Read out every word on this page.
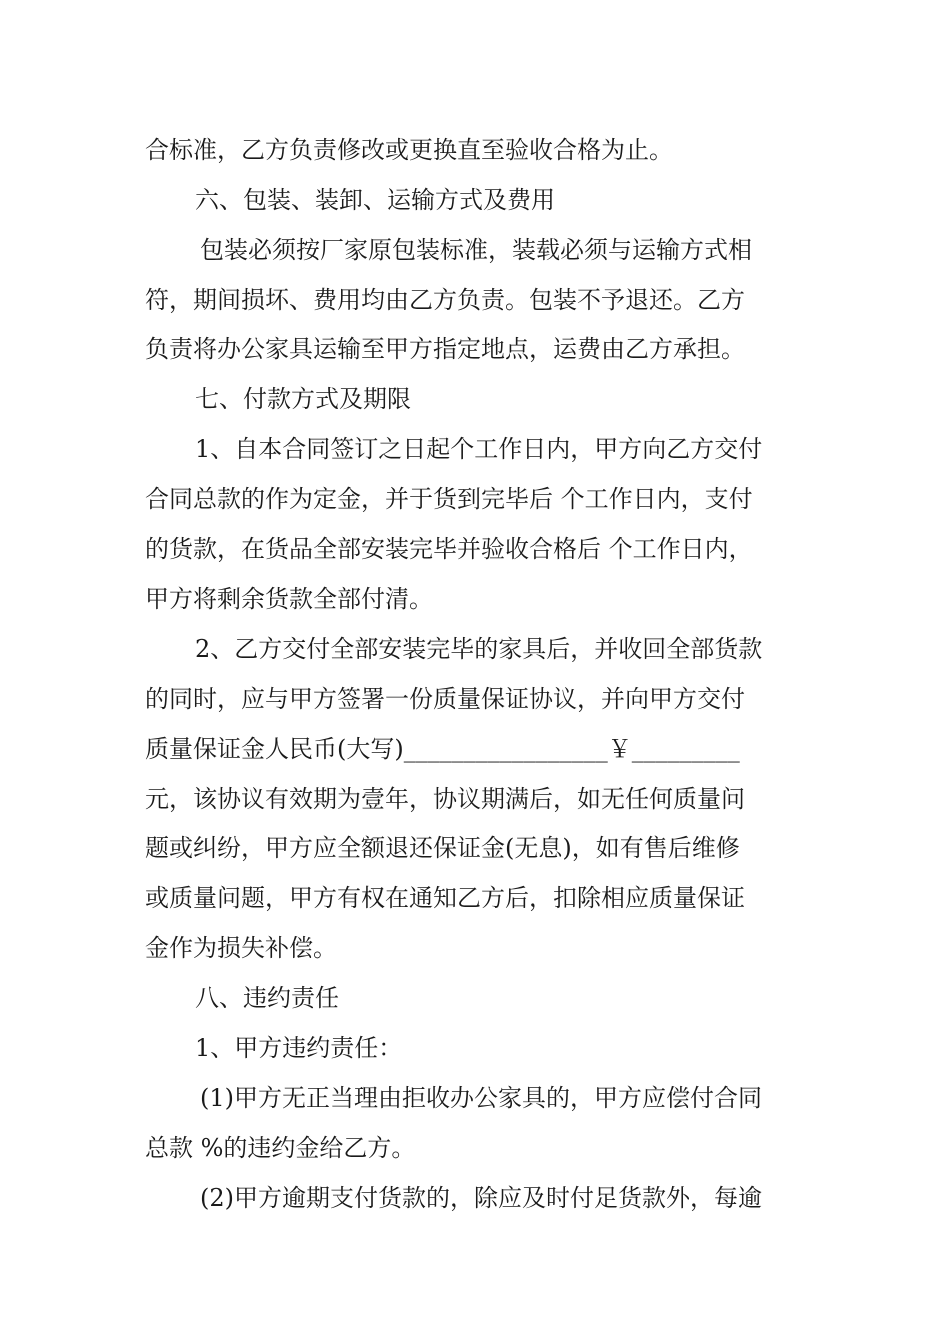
合标准，乙方负责修改或更换直至验收合格为止。
六、包装、装卸、运输方式及费用
包装必须按厂家原包装标准，装载必须与运输方式相
符，期间损坏、费用均由乙方负责。包装不予退还。乙方
负责将办公家具运输至甲方指定地点，运费由乙方承担。
七、付款方式及期限
1、自本合同签订之日起个工作日内，甲方向乙方交付
合同总款的作为定金，并于货到完毕后 个工作日内，支付
的货款，在货品全部安装完毕并验收合格后 个工作日内，
甲方将剩余货款全部付清。
2、乙方交付全部安装完毕的家具后，并收回全部货款
的同时，应与甲方签署一份质量保证协议，并向甲方交付
质量保证金人民币(大写)_________________￥_________
元，该协议有效期为壹年，协议期满后，如无任何质量问
题或纠纷，甲方应全额退还保证金(无息)，如有售后维修
或质量问题，甲方有权在通知乙方后，扣除相应质量保证
金作为损失补偿。
八、违约责任
1、甲方违约责任：
(1)甲方无正当理由拒收办公家具的，甲方应偿付合同
总款 %的违约金给乙方。
(2)甲方逾期支付货款的，除应及时付足货款外，每逾
